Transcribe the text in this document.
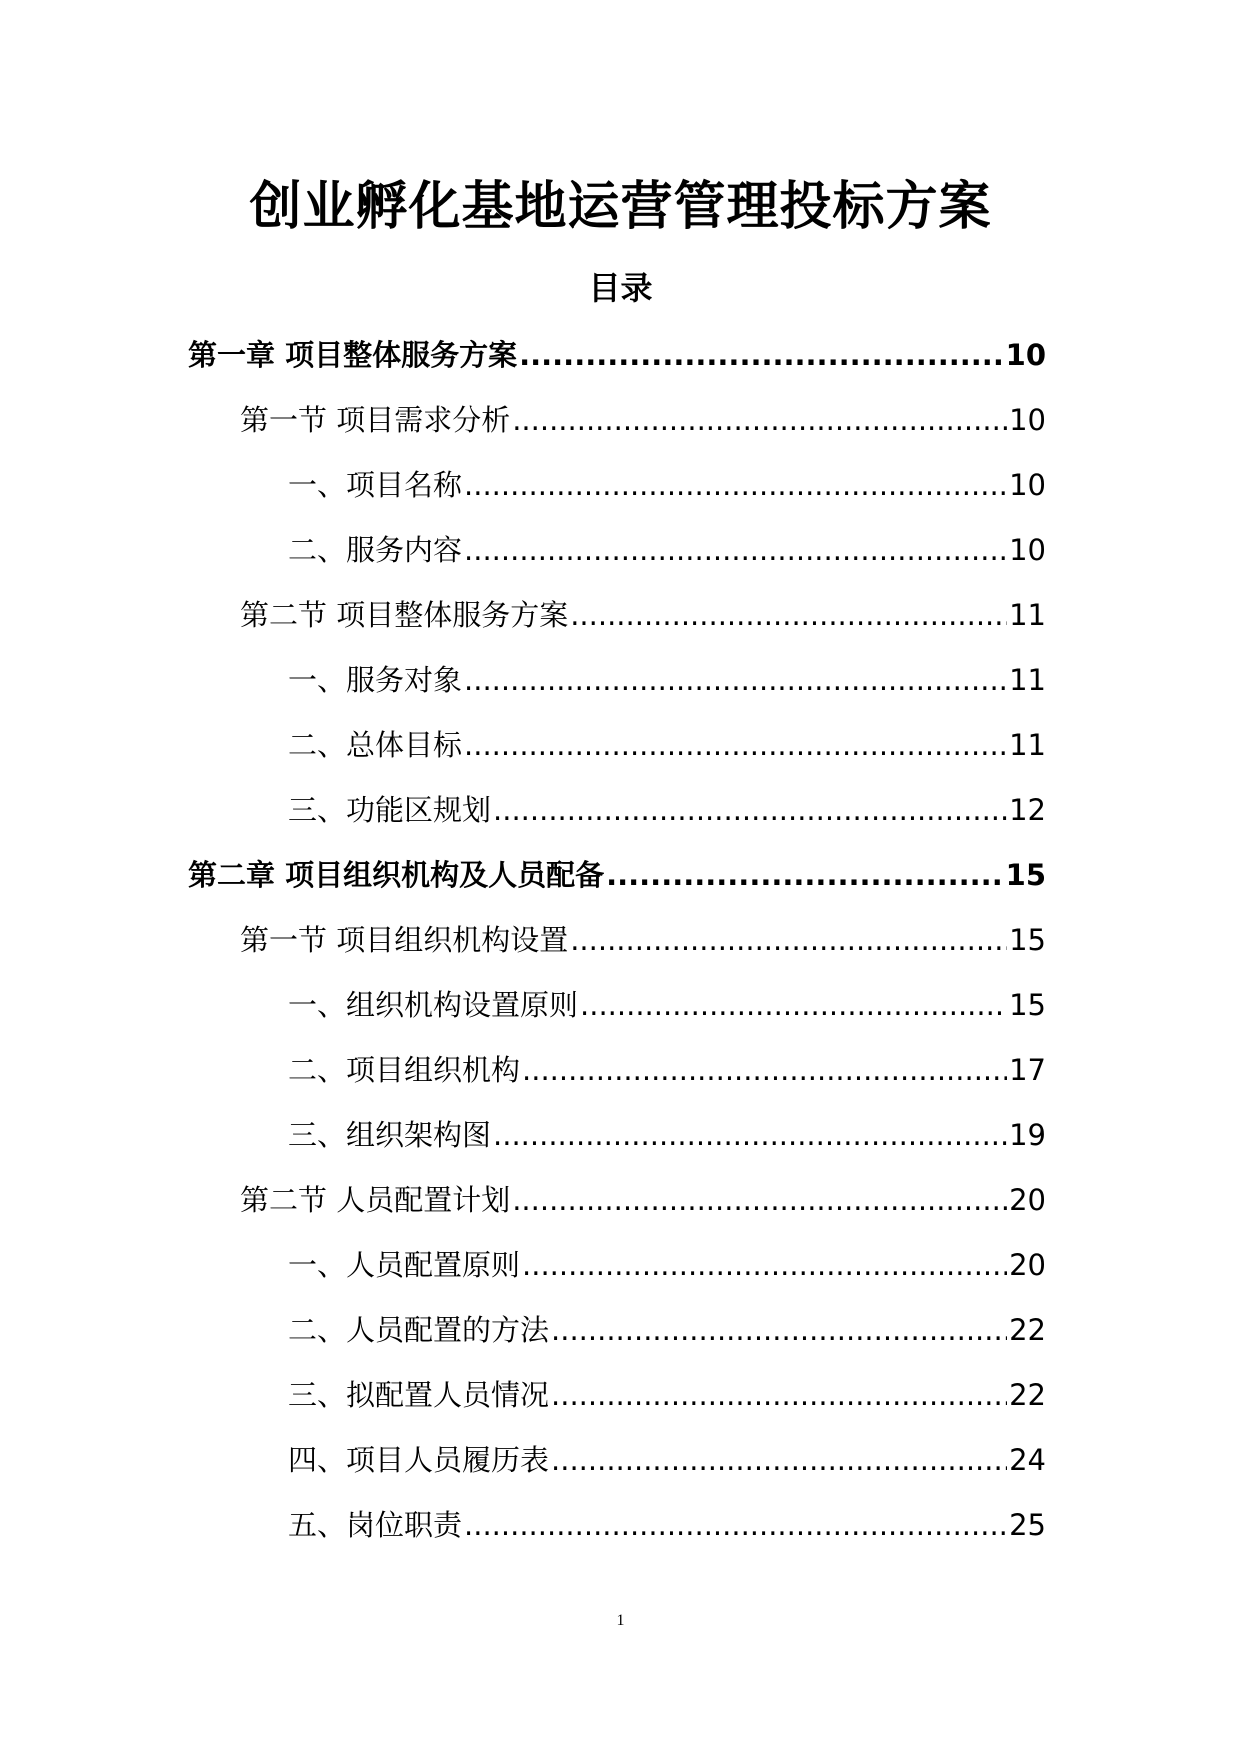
创业孵化基地运营管理投标方案
目录
第一章 项目整体服务方案 .....	10
第一节 项目需求分析 .....	10
一、项目名称 .....	10
二、服务内容 .....	10
第二节 项目整体服务方案 .....	11
一、服务对象 .....	11
二、总体目标 .....	11
三、功能区规划 .....	12
第二章 项目组织机构及人员配备 .....	15
第一节 项目组织机构设置 .....	15
一、组织机构设置原则 .....	15
二、项目组织机构 .....	17
三、组织架构图 .....	19
第二节 人员配置计划 .....	20
一、人员配置原则 .....	20
二、人员配置的方法 .....	22
三、拟配置人员情况 .....	22
四、项目人员履历表 .....	24
五、岗位职责 .....	25
1
